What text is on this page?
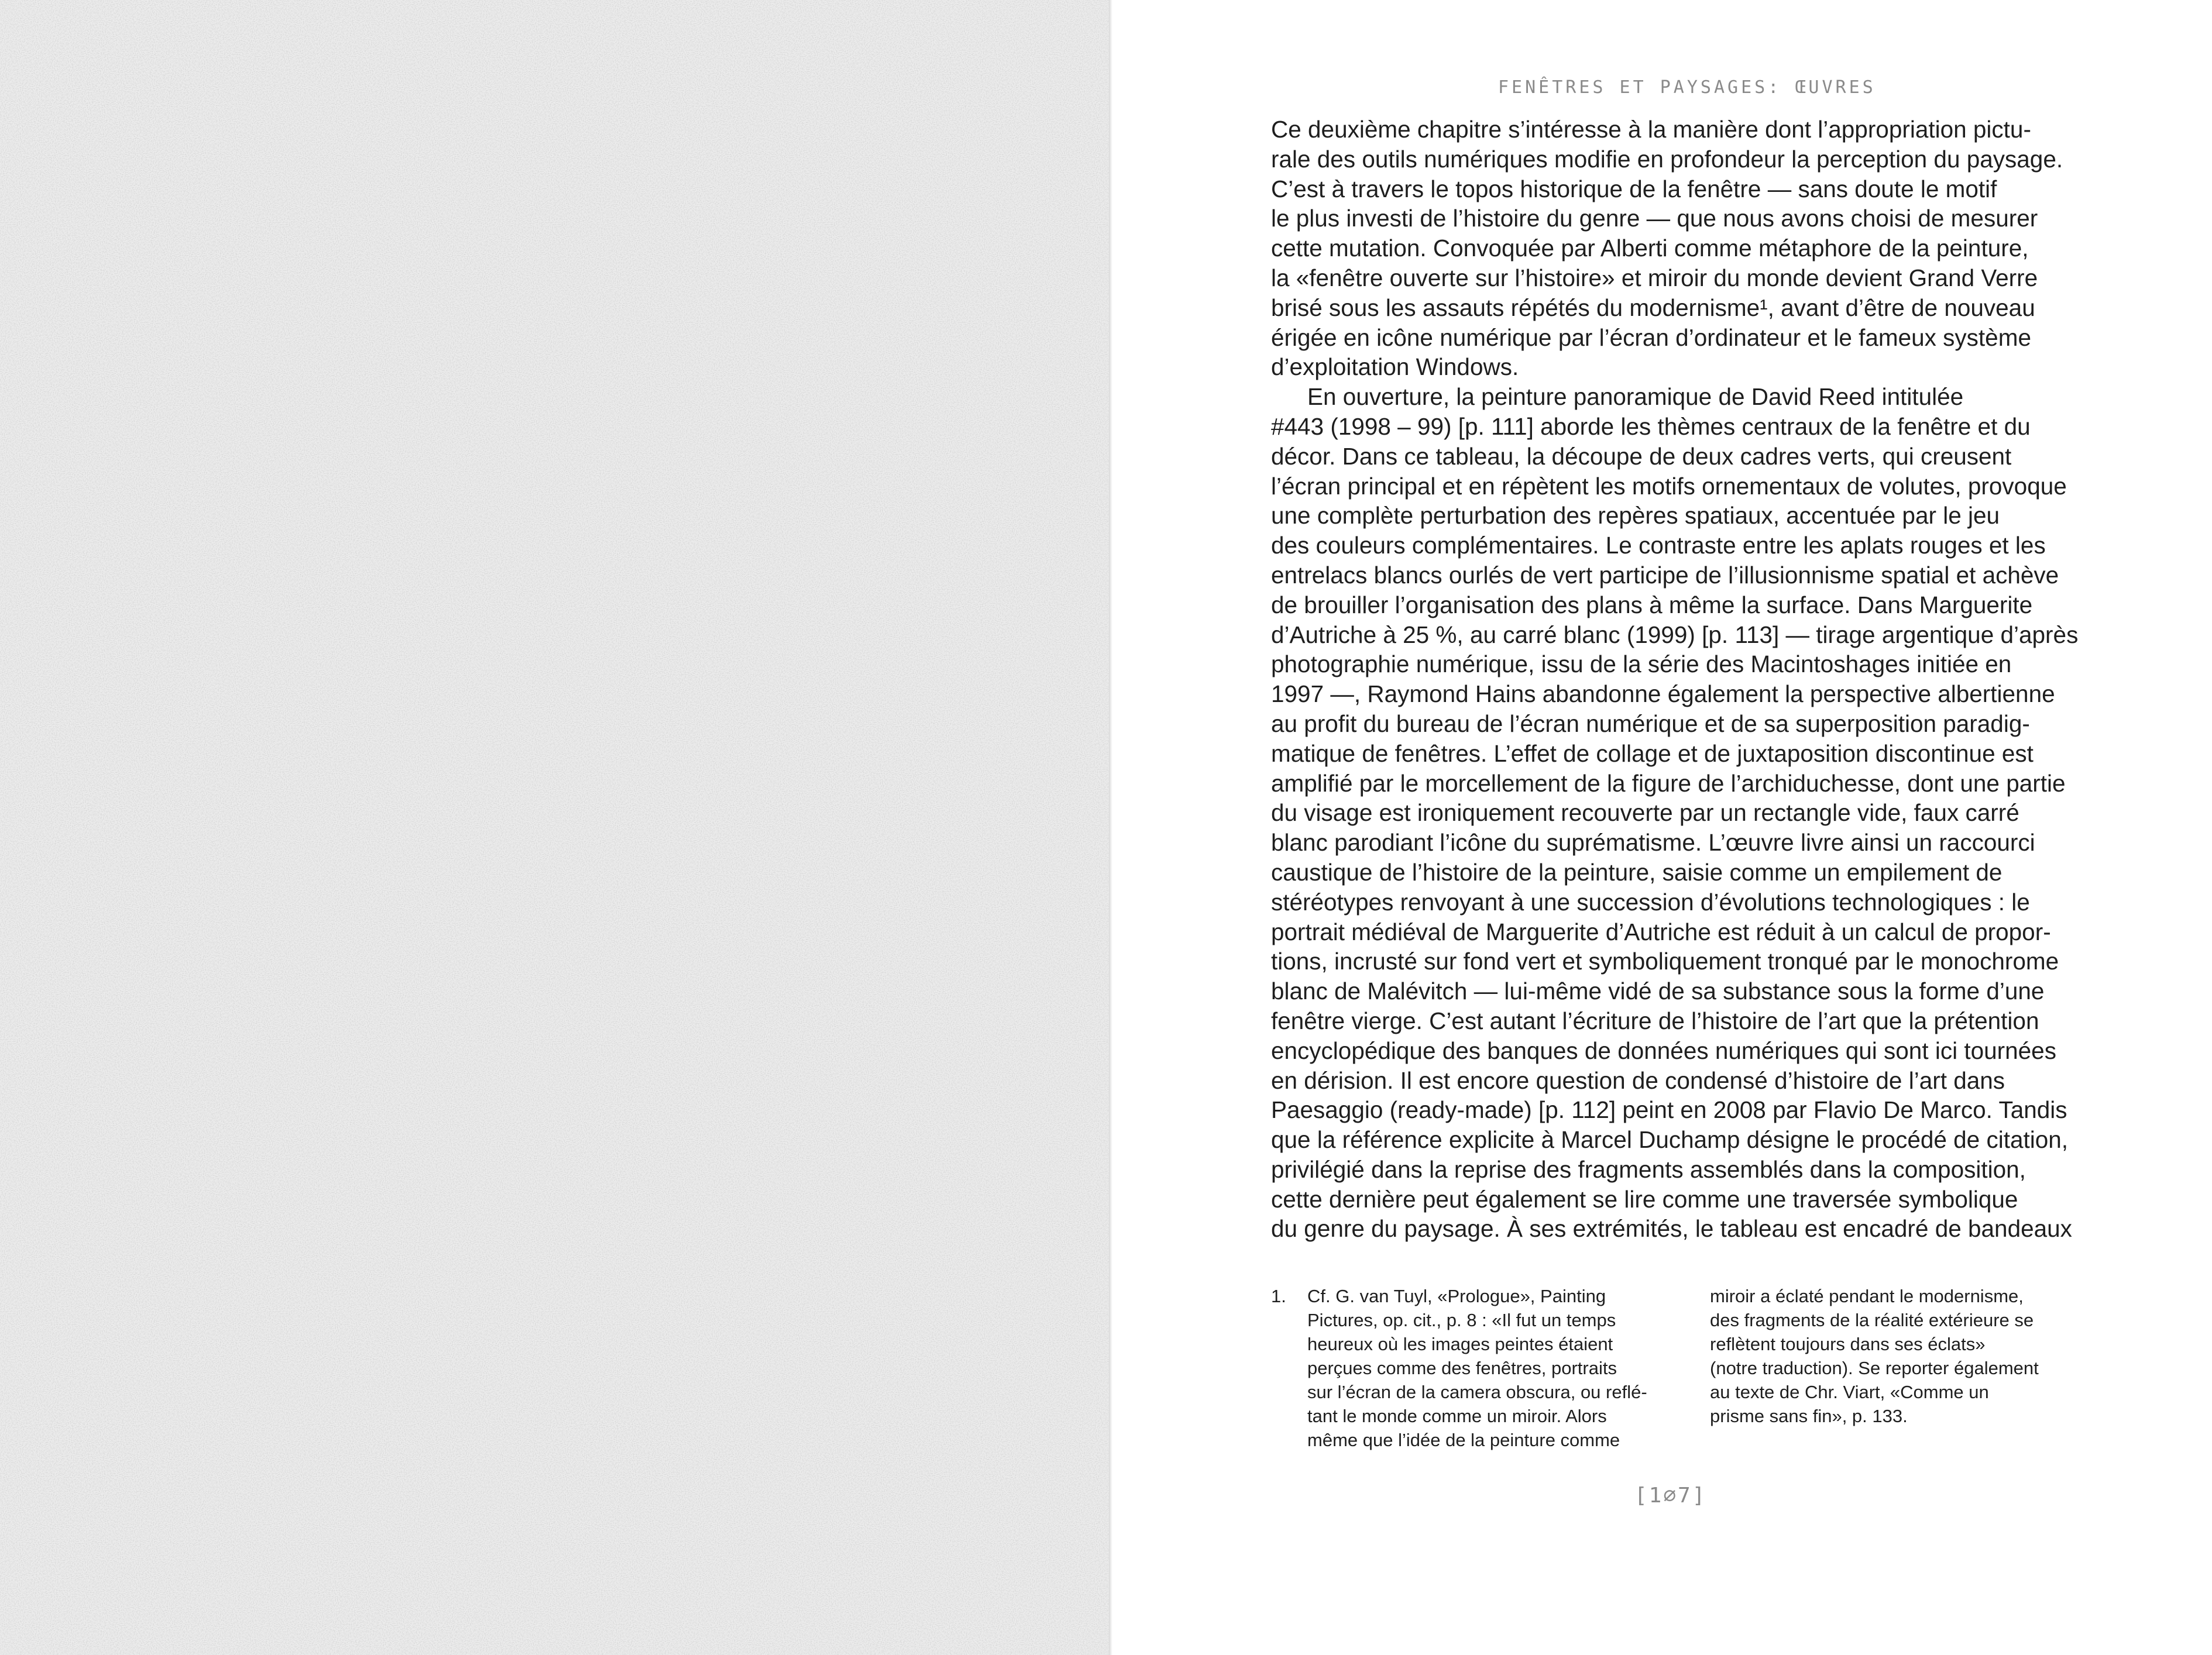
FENÊTRES ET PAYSAGES: ŒUVRES
Ce deuxième chapitre s’intéresse à la manière dont l’appropriation pictu-
rale des outils numériques modifie en profondeur la perception du paysage.
C’est à travers le topos historique de la fenêtre — sans doute le motif
le plus investi de l’histoire du genre — que nous avons choisi de mesurer
cette mutation. Convoquée par Alberti comme métaphore de la peinture,
la «fenêtre ouverte sur l’histoire» et miroir du monde devient Grand Verre
brisé sous les assauts répétés du modernisme¹, avant d’être de nouveau
érigée en icône numérique par l’écran d’ordinateur et le fameux système
d’exploitation Windows.
En ouverture, la peinture panoramique de David Reed intitulée
#443 (1998 – 99) [p. 111] aborde les thèmes centraux de la fenêtre et du
décor. Dans ce tableau, la découpe de deux cadres verts, qui creusent
l’écran principal et en répètent les motifs ornementaux de volutes, provoque
une complète perturbation des repères spatiaux, accentuée par le jeu
des couleurs complémentaires. Le contraste entre les aplats rouges et les
entrelacs blancs ourlés de vert participe de l’illusionnisme spatial et achève
de brouiller l’organisation des plans à même la surface. Dans Marguerite
d’Autriche à 25 %, au carré blanc (1999) [p. 113] — tirage argentique d’après
photographie numérique, issu de la série des Macintoshages initiée en
1997 —, Raymond Hains abandonne également la perspective albertienne
au profit du bureau de l’écran numérique et de sa superposition paradig-
matique de fenêtres. L’effet de collage et de juxtaposition discontinue est
amplifié par le morcellement de la figure de l’archiduchesse, dont une partie
du visage est ironiquement recouverte par un rectangle vide, faux carré
blanc parodiant l’icône du suprématisme. L’œuvre livre ainsi un raccourci
caustique de l’histoire de la peinture, saisie comme un empilement de
stéréotypes renvoyant à une succession d’évolutions technologiques : le
portrait médiéval de Marguerite d’Autriche est réduit à un calcul de propor-
tions, incrusté sur fond vert et symboliquement tronqué par le monochrome
blanc de Malévitch — lui-même vidé de sa substance sous la forme d’une
fenêtre vierge. C’est autant l’écriture de l’histoire de l’art que la prétention
encyclopédique des banques de données numériques qui sont ici tournées
en dérision. Il est encore question de condensé d’histoire de l’art dans
Paesaggio (ready-made) [p. 112] peint en 2008 par Flavio De Marco. Tandis
que la référence explicite à Marcel Duchamp désigne le procédé de citation,
privilégié dans la reprise des fragments assemblés dans la composition,
cette dernière peut également se lire comme une traversée symbolique
du genre du paysage. À ses extrémités, le tableau est encadré de bandeaux
1. Cf. G. van Tuyl, «Prologue», Painting
Pictures, op. cit., p. 8 : «Il fut un temps
heureux où les images peintes étaient
perçues comme des fenêtres, portraits
sur l’écran de la camera obscura, ou reflé-
tant le monde comme un miroir. Alors
même que l’idée de la peinture comme
miroir a éclaté pendant le modernisme,
des fragments de la réalité extérieure se
reflètent toujours dans ses éclats»
(notre traduction). Se reporter également
au texte de Chr. Viart, «Comme un
prisme sans fin», p. 133.
[1∅7]
